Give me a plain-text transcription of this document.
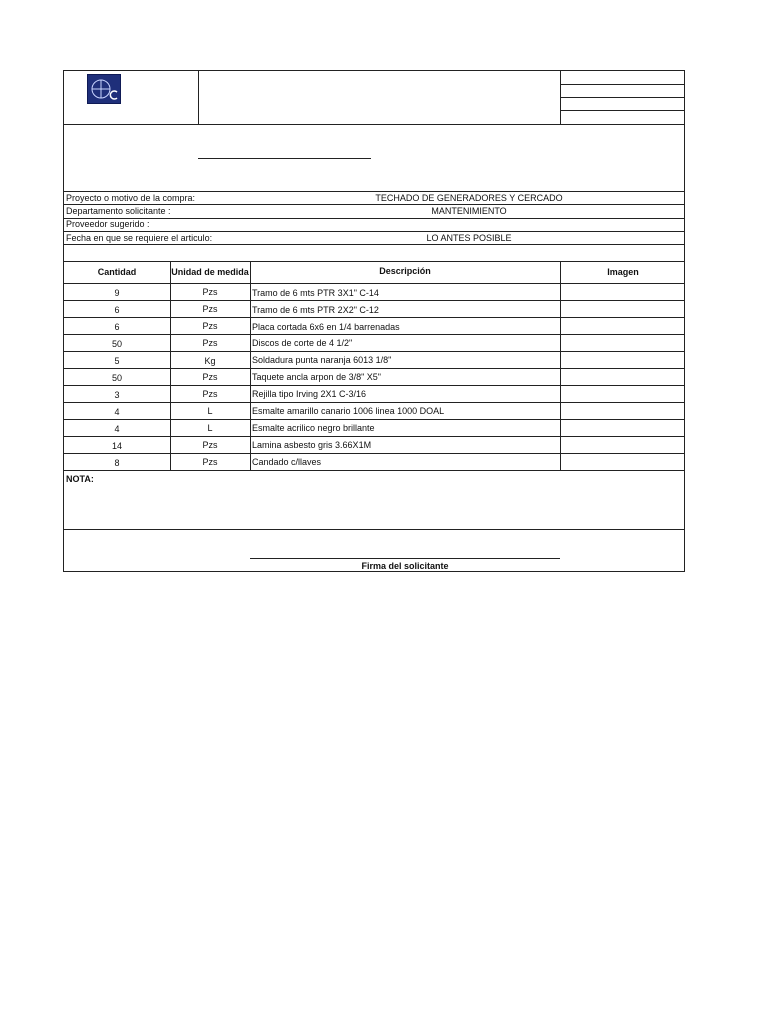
Proyecto o motivo de la compra:	TECHADO DE GENERADORES Y CERCADO
Departamento solicitante :	MANTENIMIENTO
Proveedor sugerido :
Fecha en que se requiere el articulo:	LO ANTES POSIBLE
Cantidad	Unidad de medida	Descripción	Imagen
9	Pzs	Tramo de 6 mts PTR 3X1" C-14
6	Pzs	Tramo de 6 mts PTR 2X2" C-12
6	Pzs	Placa cortada 6x6 en 1/4 barrenadas
50	Pzs	Discos de corte de 4 1/2"
5	Kg	Soldadura punta naranja 6013 1/8"
50	Pzs	Taquete ancla arpon de 3/8" X5"
3	Pzs	Rejilla tipo Irving 2X1 C-3/16
4	L	Esmalte amarillo canario 1006 linea 1000 DOAL
4	L	Esmalte acrilico negro brillante
14	Pzs	Lamina asbesto gris 3.66X1M
8	Pzs	Candado c/llaves
NOTA:
Firma del solicitante
